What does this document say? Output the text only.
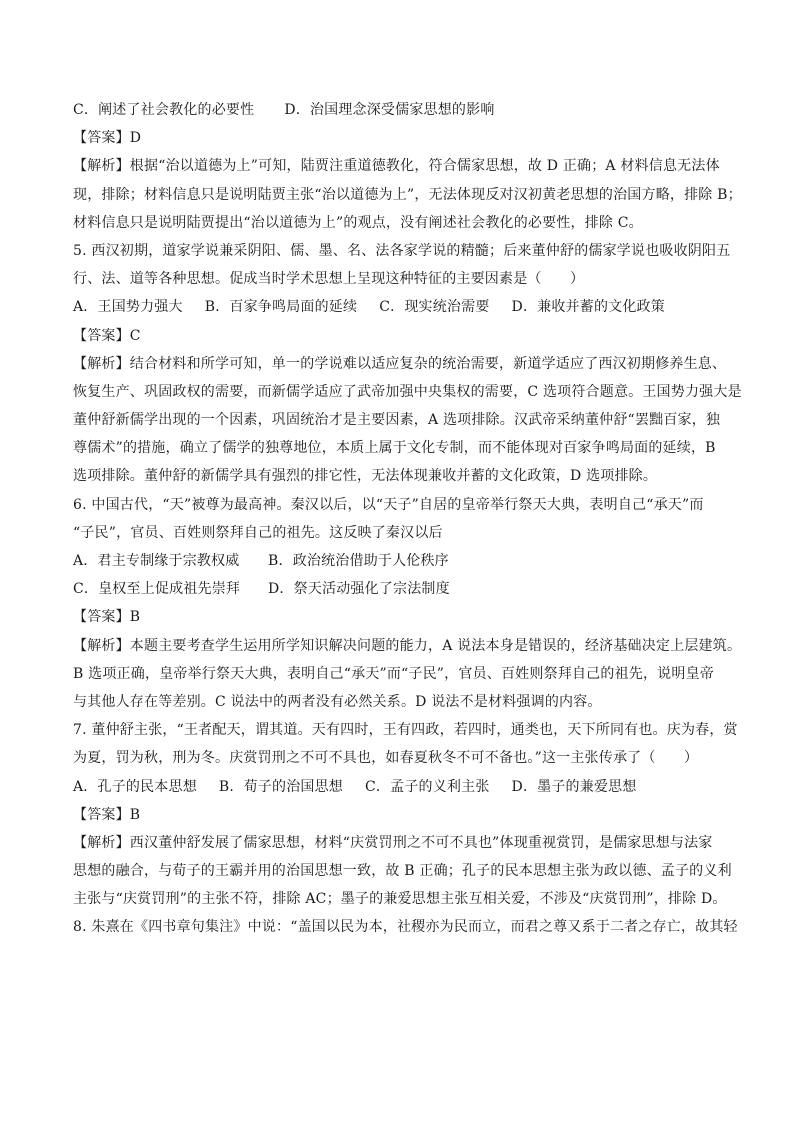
C．阐述了社会教化的必要性 D．治国理念深受儒家思想的影响
【答案】D
【解析】根据“治以道德为上”可知，陆贾注重道德教化，符合儒家思想，故 D 正确；A 材料信息无法体
现，排除；材料信息只是说明陆贾主张“治以道德为上”，无法体现反对汉初黄老思想的治国方略，排除 B；
材料信息只是说明陆贾提出“治以道德为上”的观点，没有阐述社会教化的必要性，排除 C。
5. 西汉初期，道家学说兼采阴阳、儒、墨、名、法各家学说的精髓；后来董仲舒的儒家学说也吸收阴阳五
行、法、道等各种思想。促成当时学术思想上呈现这种特征的主要因素是（　　）
A．王国势力强大 B．百家争鸣局面的延续 C．现实统治需要 D．兼收并蓄的文化政策
【答案】C
【解析】结合材料和所学可知，单一的学说难以适应复杂的统治需要，新道学适应了西汉初期修养生息、
恢复生产、巩固政权的需要，而新儒学适应了武帝加强中央集权的需要，C 选项符合题意。王国势力强大是
董仲舒新儒学出现的一个因素，巩固统治才是主要因素，A 选项排除。汉武帝采纳董仲舒“罢黜百家，独
尊儒术”的措施，确立了儒学的独尊地位，本质上属于文化专制，而不能体现对百家争鸣局面的延续，B
选项排除。董仲舒的新儒学具有强烈的排它性，无法体现兼收并蓄的文化政策，D 选项排除。
6. 中国古代，“天”被尊为最高神。秦汉以后，以“天子”自居的皇帝举行祭天大典，表明自己“承天”而
“子民”，官员、百姓则祭拜自己的祖先。这反映了秦汉以后
A．君主专制缘于宗教权威 B．政治统治借助于人伦秩序
C．皇权至上促成祖先崇拜 D．祭天活动强化了宗法制度
【答案】B
【解析】本题主要考查学生运用所学知识解决问题的能力，A 说法本身是错误的，经济基础决定上层建筑。
B 选项正确，皇帝举行祭天大典，表明自己“承天”而“子民”，官员、百姓则祭拜自己的祖先，说明皇帝
与其他人存在等差别。C 说法中的两者没有必然关系。D 说法不是材料强调的内容。
7. 董仲舒主张，“王者配天，谓其道。天有四时，王有四政，若四时，通类也，天下所同有也。庆为春，赏
为夏，罚为秋，刑为冬。庆赏罚刑之不可不具也，如春夏秋冬不可不备也。”这一主张传承了（　　）
A．孔子的民本思想 B．荀子的治国思想 C．孟子的义利主张 D．墨子的兼爱思想
【答案】B
【解析】西汉董仲舒发展了儒家思想，材料“庆赏罚刑之不可不具也”体现重视赏罚，是儒家思想与法家
思想的融合，与荀子的王霸并用的治国思想一致，故 B 正确；孔子的民本思想主张为政以德、孟子的义利
主张与“庆赏罚刑”的主张不符，排除 AC；墨子的兼爱思想主张互相关爱，不涉及“庆赏罚刑”，排除 D。
8. 朱熹在《四书章句集注》中说：“盖国以民为本，社稷亦为民而立，而君之尊又系于二者之存亡，故其轻
